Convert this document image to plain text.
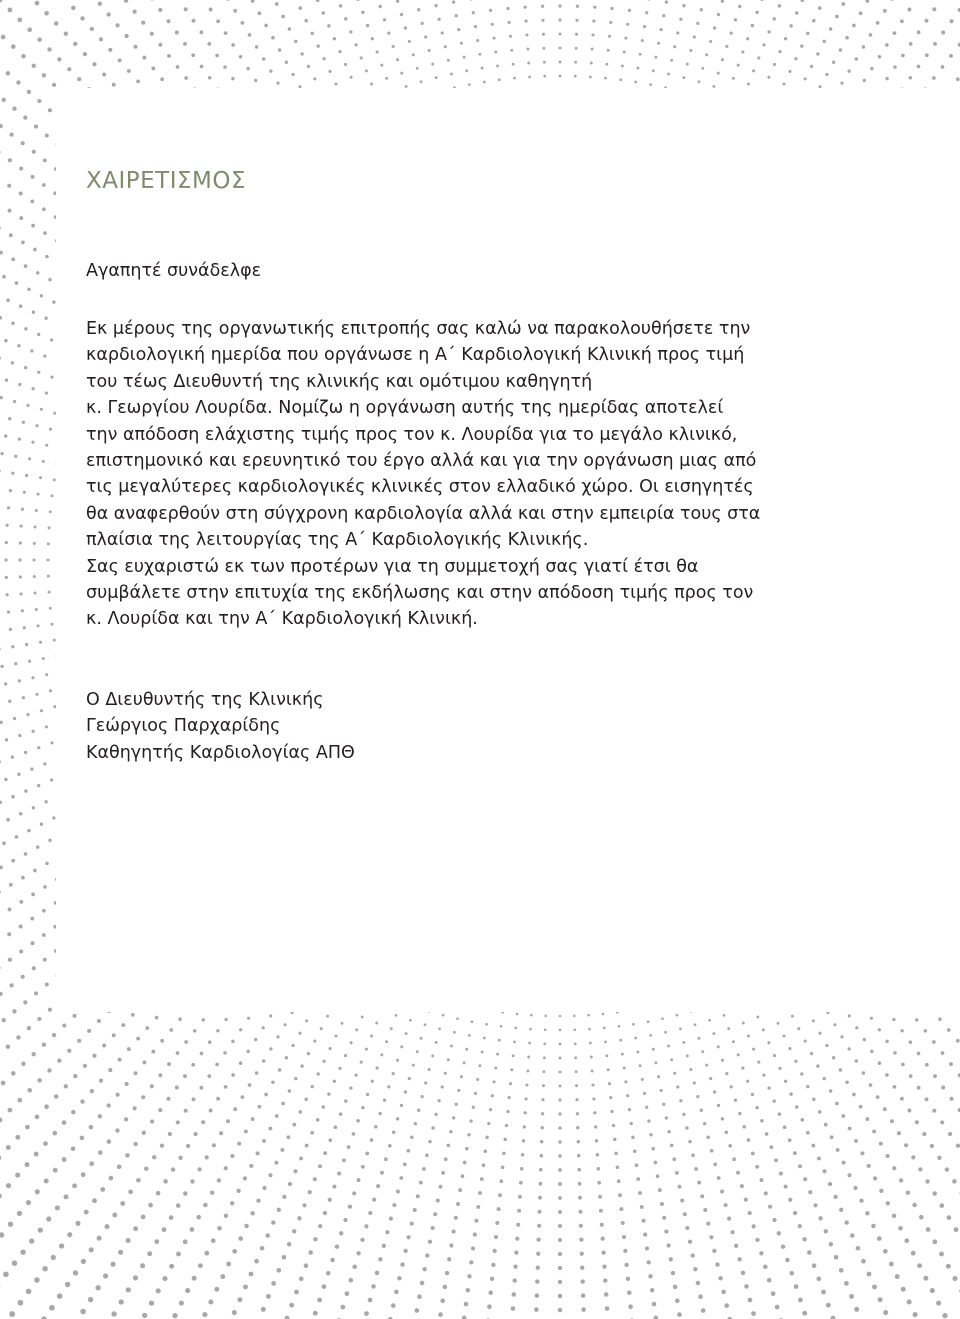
ΧΑΙΡΕΤΙΣΜΟΣ
Αγαπητέ συνάδελφε
Εκ μέρους της οργανωτικής επιτροπής σας καλώ να παρακολουθήσετε την
καρδιολογική ημερίδα που οργάνωσε η Α΄ Καρδιολογική Κλινική προς τιμή
του τέως Διευθυντή της κλινικής και ομότιμου καθηγητή
κ. Γεωργίου Λουρίδα. Νομίζω η οργάνωση αυτής της ημερίδας αποτελεί
την απόδοση ελάχιστης τιμής προς τον κ. Λουρίδα για το μεγάλο κλινικό,
επιστημονικό και ερευνητικό του έργο αλλά και για την οργάνωση μιας από
τις μεγαλύτερες καρδιολογικές κλινικές στον ελλαδικό χώρο. Οι εισηγητές
θα αναφερθούν στη σύγχρονη καρδιολογία αλλά και στην εμπειρία τους στα
πλαίσια της λειτουργίας της Α΄ Καρδιολογικής Κλινικής.
Σας ευχαριστώ εκ των προτέρων για τη συμμετοχή σας γιατί έτσι θα
συμβάλετε στην επιτυχία της εκδήλωσης και στην απόδοση τιμής προς τον
κ. Λουρίδα και την Α΄ Καρδιολογική Κλινική.
Ο Διευθυντής της Κλινικής
Γεώργιος Παρχαρίδης
Καθηγητής Καρδιολογίας ΑΠΘ
